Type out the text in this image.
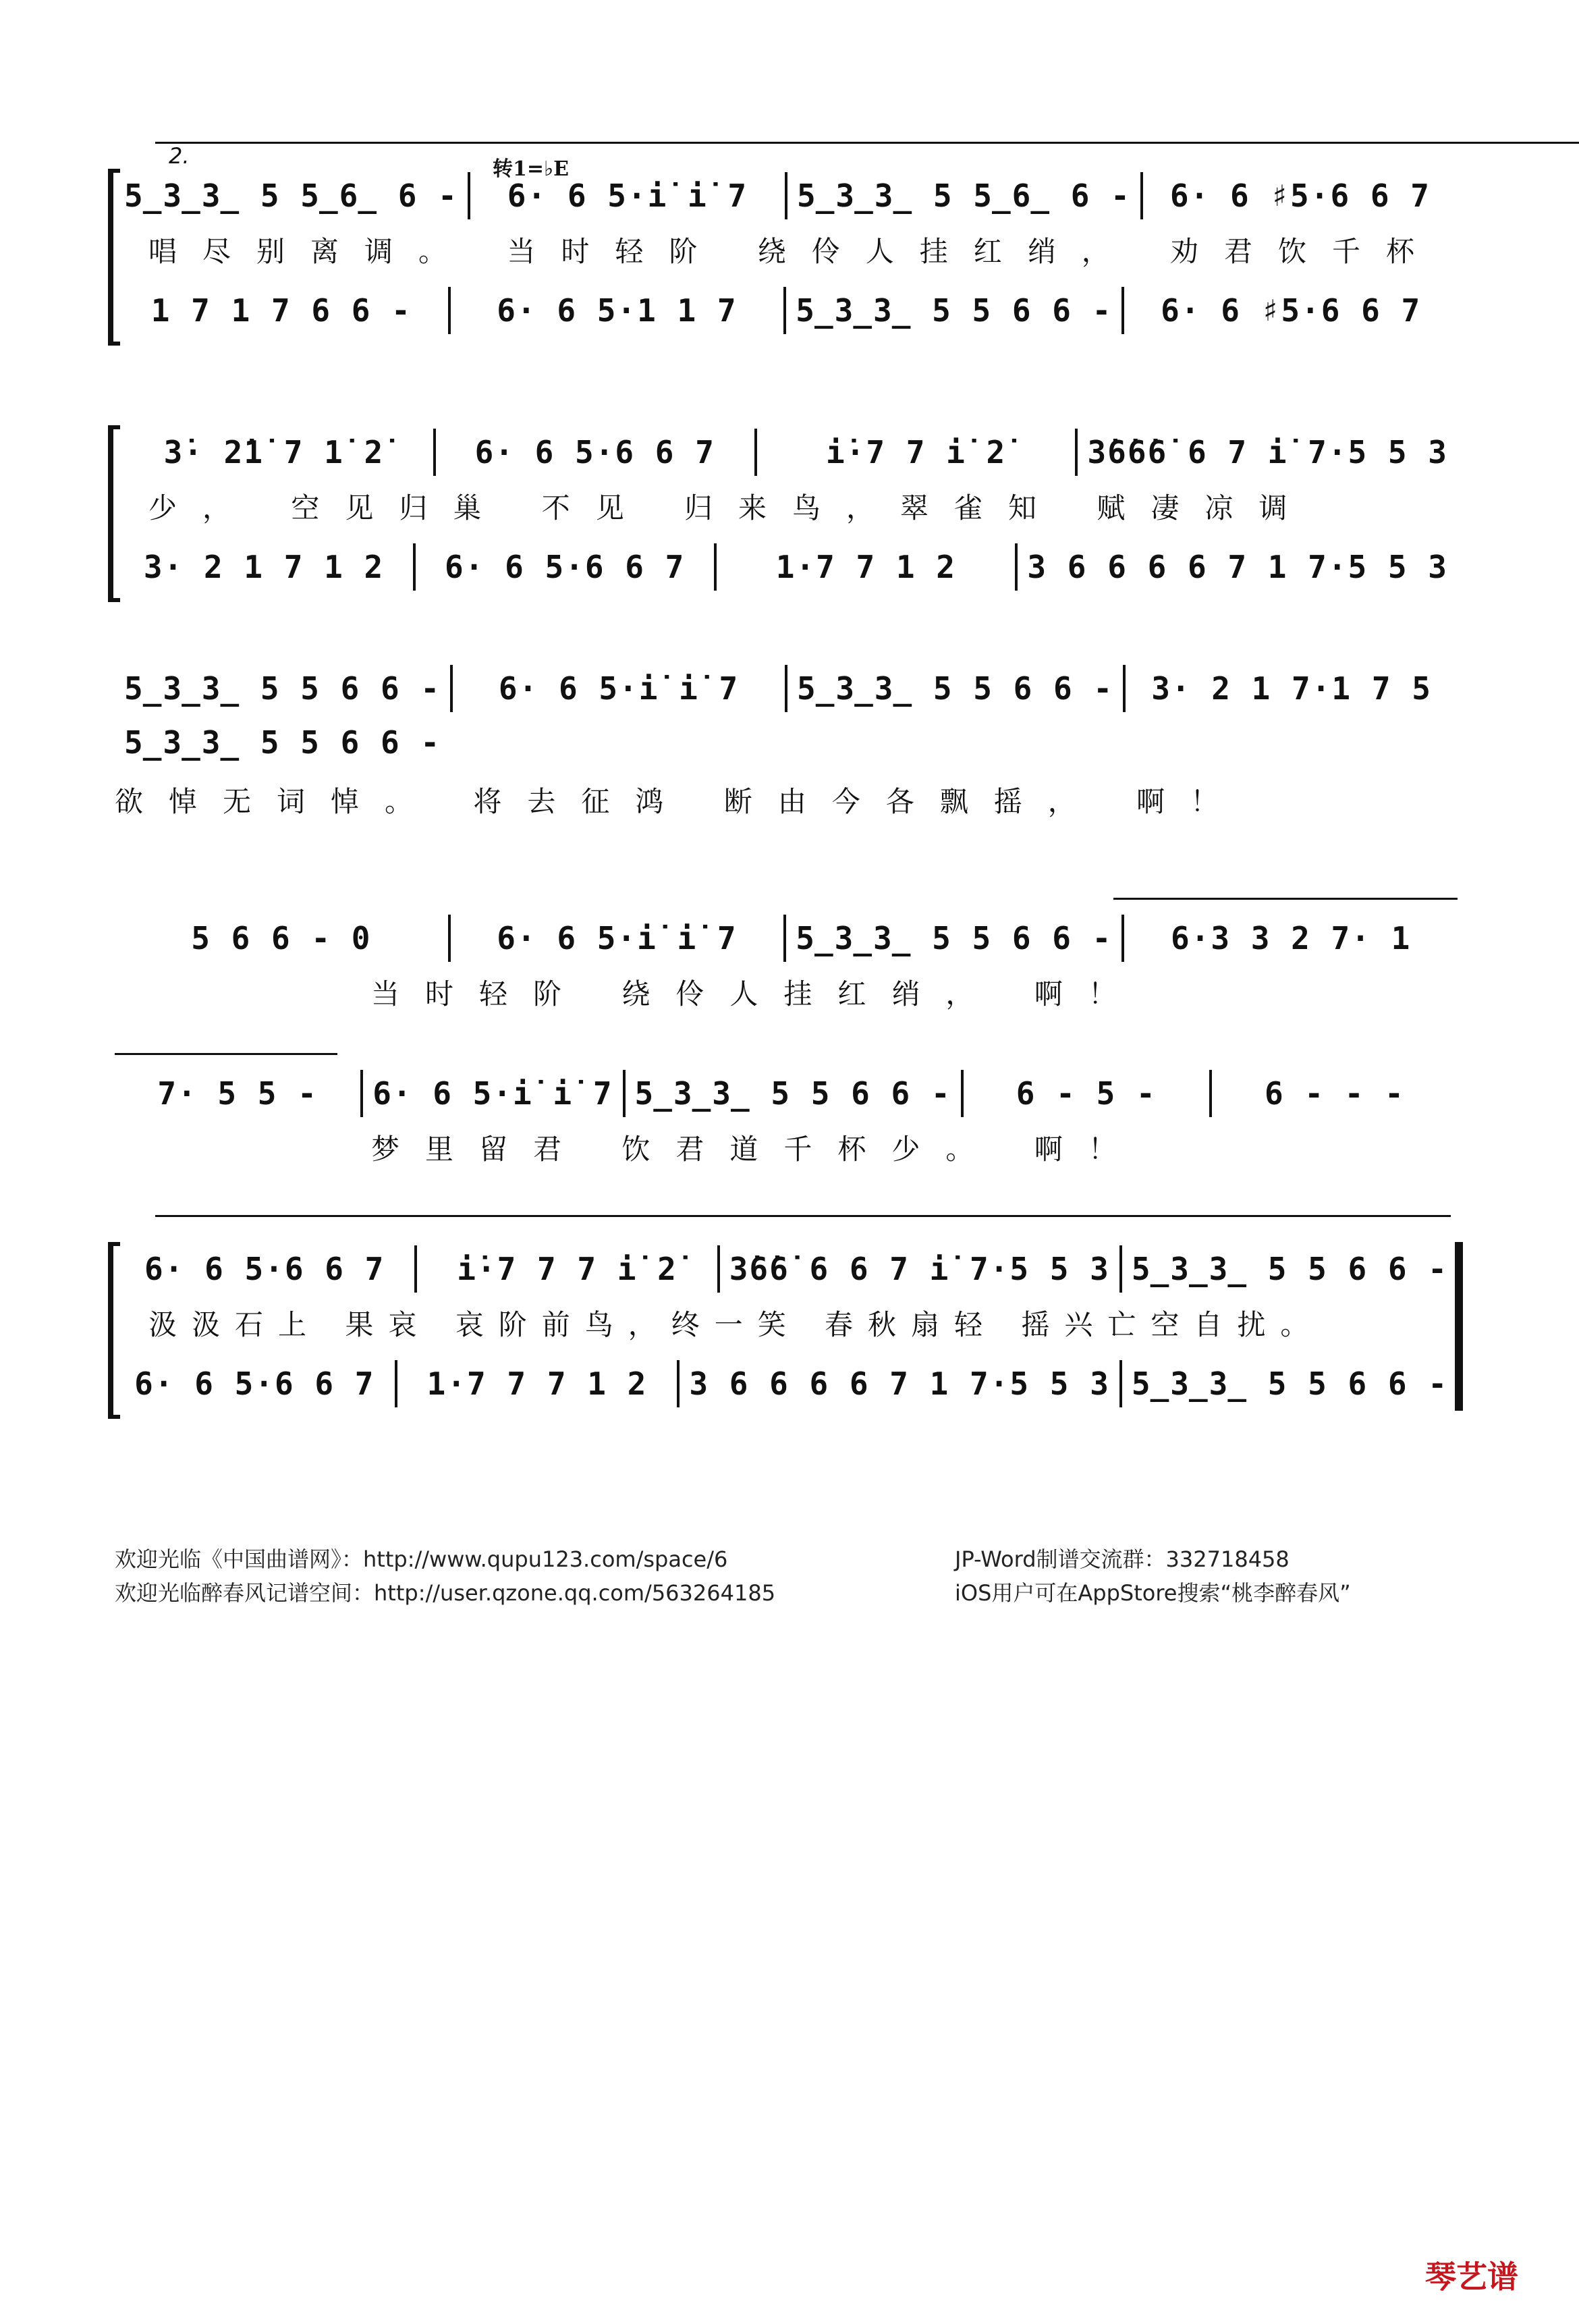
2.
转1=♭E
5̲3̲3̲ 5 5̲6̲ 6 -	6· 6 5·i̇ i̇ 7	5̲3̲3̲ 5 5̲6̲ 6 -	6· 6 ♯5·6 6 7
唱尽别离调。 当时轻阶 绕伶人挂红绡， 劝君饮千杯
1 7 1 7 6 6 -	6· 6 5·1 1 7	5̲3̲3̲ 5 5 6 6 -	6· 6 ♯5·6 6 7
3̇· 2̇1̇ 7 1̇ 2̇	6· 6 5·6 6 7	i̇·7 7 i̇ 2̇	3̇6̇6̇6̇ 6 7 i̇ 7·5 5 3
少， 空见归巢 不见 归来鸟，翠雀知 赋凄凉调
3· 2 1 7 1 2	6· 6 5·6 6 7	1·7 7 1 2	3 6 6 6 6 7 1 7·5 5 3
5̲3̲3̲ 5 5 6 6 -	6· 6 5·i̇ i̇ 7	5̲3̲3̲ 5 5 6 6 -	3· 2 1 7·1 7 5
5̲3̲3̲ 5 5 6 6 -
欲悼无词悼。 将去征鸿 断由今各飘摇， 啊！
5 6 6 - 0	6· 6 5·i̇ i̇ 7	5̲3̲3̲ 5 5 6 6 -	6·3 3 2 7· 1
当时轻阶 绕伶人挂红绡， 啊！
7· 5 5 -	6· 6 5·i̇ i̇ 7 5̲3̲3̲ 5 5 6 6 -	6 - 5 -	6 - - -
梦里留君 饮君道千杯少。 啊！
6· 6 5·6 6 7	i̇·7 7 7 i̇ 2̇	3̇6̇6̇ 6 6 7 i̇ 7·5 5 3 5̲3̲3̲ 5 5 6 6 -
汲汲石上 果哀 哀阶前鸟，终一笑 春秋扇轻 摇兴亡空自扰。
6· 6 5·6 6 7	1·7 7 7 1 2	3 6 6 6 6 7 1 7·5 5 3 5̲3̲3̲ 5 5 6 6 -
欢迎光临《中国曲谱网》：http://www.qupu123.com/space/6	JP-Word制谱交流群：332718458
欢迎光临醉春风记谱空间：http://user.qzone.qq.com/563264185	iOS用户可在AppStore搜索“桃李醉春风”
琴艺谱
